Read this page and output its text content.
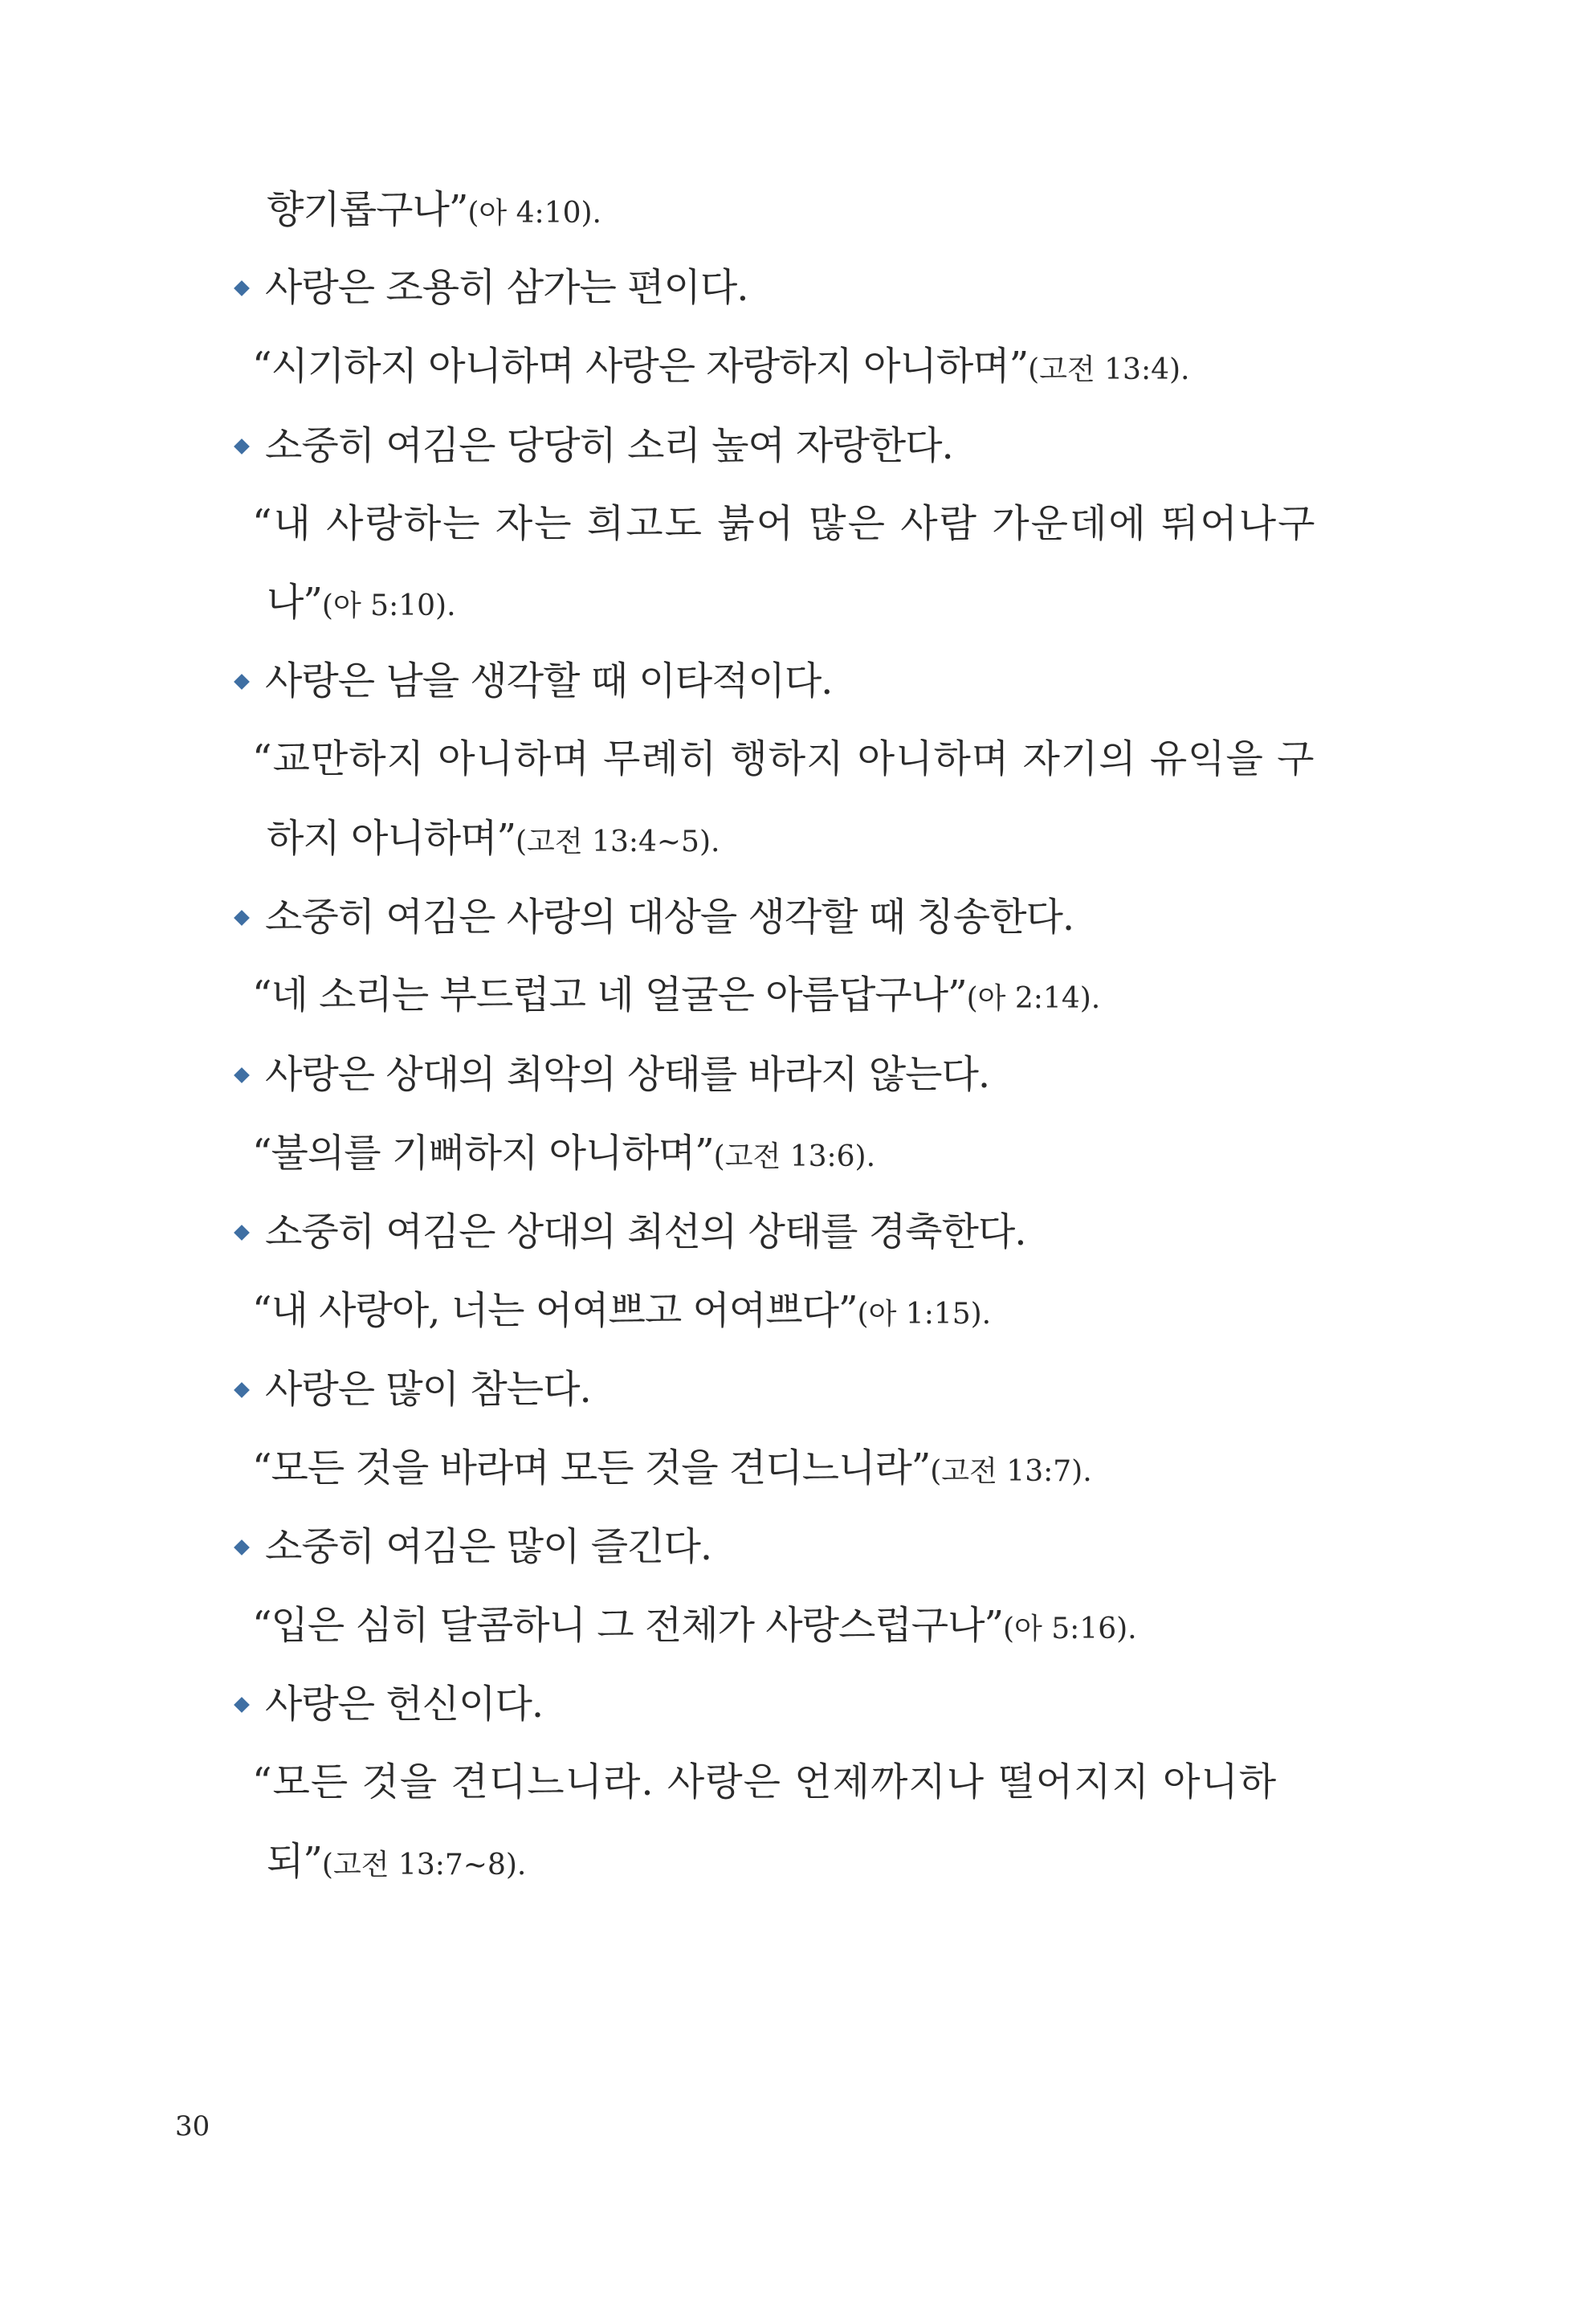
향기롭구나”(아 4:10).
사랑은 조용히 삼가는 편이다.
“시기하지 아니하며 사랑은 자랑하지 아니하며”(고전 13:4).
소중히 여김은 당당히 소리 높여 자랑한다.
“내 사랑하는 자는 희고도 붉어 많은 사람 가운데에 뛰어나구
나”(아 5:10).
사랑은 남을 생각할 때 이타적이다.
“교만하지 아니하며 무례히 행하지 아니하며 자기의 유익을 구
하지 아니하며”(고전 13:4~5).
소중히 여김은 사랑의 대상을 생각할 때 칭송한다.
“네 소리는 부드럽고 네 얼굴은 아름답구나”(아 2:14).
사랑은 상대의 최악의 상태를 바라지 않는다.
“불의를 기뻐하지 아니하며”(고전 13:6).
소중히 여김은 상대의 최선의 상태를 경축한다.
“내 사랑아, 너는 어여쁘고 어여쁘다”(아 1:15).
사랑은 많이 참는다.
“모든 것을 바라며 모든 것을 견디느니라”(고전 13:7).
소중히 여김은 많이 즐긴다.
“입은 심히 달콤하니 그 전체가 사랑스럽구나”(아 5:16).
사랑은 헌신이다.
“모든 것을 견디느니라. 사랑은 언제까지나 떨어지지 아니하
되”(고전 13:7~8).
30
